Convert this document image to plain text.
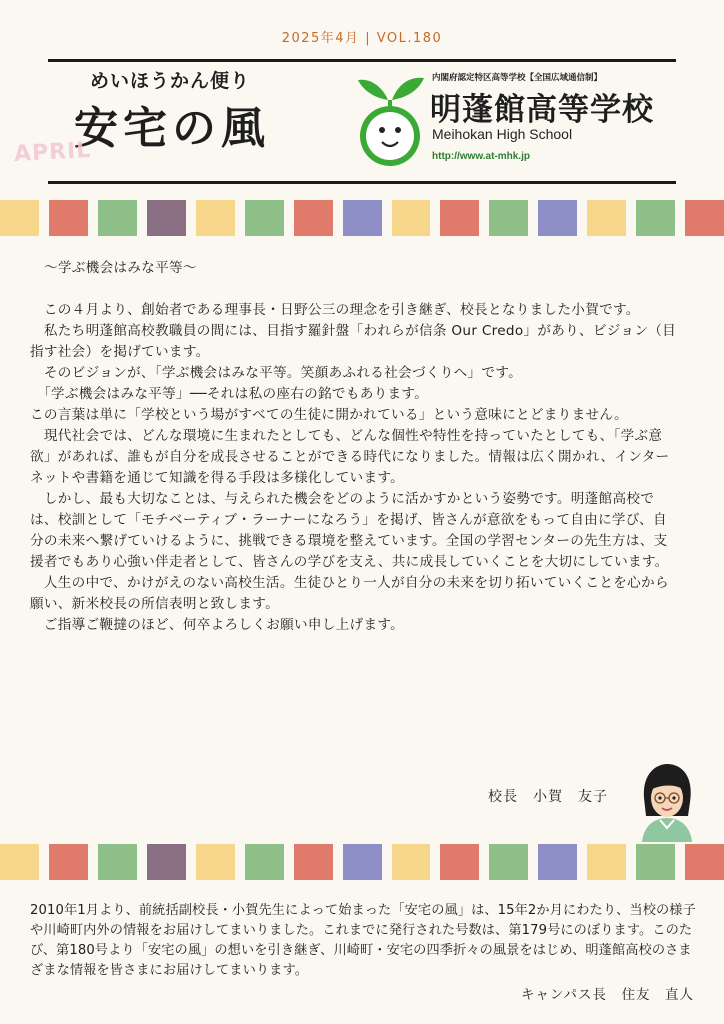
2025年4月 | VOL.180
めいほうかん便り
安宅の風
APRIL
内閣府認定特区高等学校【全国広域通信制】
明蓬館高等学校
Meihokan High School
http://www.at-mhk.jp

〜学ぶ機会はみな平等〜

　この４月より、創始者である理事長・日野公三の理念を引き継ぎ、校長となりました小賀です。

　私たち明蓬館高校教職員の間には、目指す羅針盤「われらが信条 Our Credo」があり、ビジョン（目指す社会）を掲げています。

　そのビジョンが、「学ぶ機会はみな平等。笑顔あふれる社会づくりへ」です。

　「学ぶ機会はみな平等」──それは私の座右の銘でもあります。

この言葉は単に「学校という場がすべての生徒に開かれている」という意味にとどまりません。

　現代社会では、どんな環境に生まれたとしても、どんな個性や特性を持っていたとしても、「学ぶ意欲」があれば、誰もが自分を成長させることができる時代になりました。情報は広く開かれ、インターネットや書籍を通じて知識を得る手段は多様化しています。

　しかし、最も大切なことは、与えられた機会をどのように活かすかという姿勢です。明蓬館高校では、校訓として「モチベーティブ・ラーナーになろう」を掲げ、皆さんが意欲をもって自由に学び、自分の未来へ繋げていけるように、挑戦できる環境を整えています。全国の学習センターの先生方は、支援者でもあり心強い伴走者として、皆さんの学びを支え、共に成長していくことを大切にしています。

　人生の中で、かけがえのない高校生活。生徒ひとり一人が自分の未来を切り拓いていくことを心から願い、新米校長の所信表明と致します。

　ご指導ご鞭撻のほど、何卒よろしくお願い申し上げます。

校長　小賀　友子

2010年1月より、前統括副校長・小賀先生によって始まった「安宅の風」は、15年2か月にわたり、当校の様子や川崎町内外の情報をお届けしてまいりました。これまでに発行された号数は、第179号にのぼります。このたび、第180号より「安宅の風」の想いを引き継ぎ、川崎町・安宅の四季折々の風景をはじめ、明蓬館高校のさまざまな情報を皆さまにお届けしてまいります。

キャンパス長　住友　直人
